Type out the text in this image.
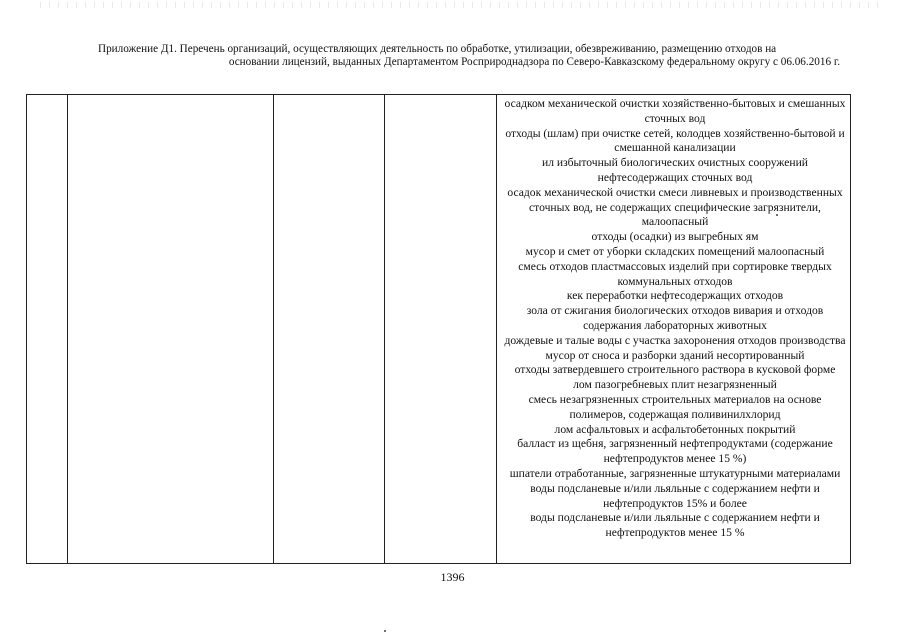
Приложение Д1. Перечень организаций, осуществляющих деятельность по обработке, утилизации, обезвреживанию, размещению отходов на
основании лицензий, выданных Департаментом Росприроднадзора по Северо-Кавказскому федеральному округу с 06.06.2016 г.
осадком механической очистки хозяйственно-бытовых и смешанных сточных вод
отходы (шлам) при очистке сетей, колодцев хозяйственно-бытовой и смешанной канализации
ил избыточный биологических очистных сооружений нефтесодержащих сточных вод
осадок механической очистки смеси ливневых и производственных сточных вод, не содержащих специфические загрязнители, малоопасный
отходы (осадки) из выгребных ям
мусор и смет от уборки складских помещений малоопасный
смесь отходов пластмассовых изделий при сортировке твердых коммунальных отходов
кек переработки нефтесодержащих отходов
зола от сжигания биологических отходов вивария и отходов содержания лабораторных животных
дождевые и талые воды с участка захоронения отходов производства
мусор от сноса и разборки зданий несортированный
отходы затвердевшего строительного раствора в кусковой форме
лом пазогребневых плит незагрязненный
смесь незагрязненных строительных материалов на основе полимеров, содержащая поливинилхлорид
лом асфальтовых и асфальтобетонных покрытий
балласт из щебня, загрязненный нефтепродуктами (содержание нефтепродуктов менее 15 %)
шпатели отработанные, загрязненные штукатурными материалами
воды подсланевые и/или льяльные с содержанием нефти и нефтепродуктов 15% и более
воды подсланевые и/или льяльные с содержанием нефти и нефтепродуктов менее 15 %
1396
